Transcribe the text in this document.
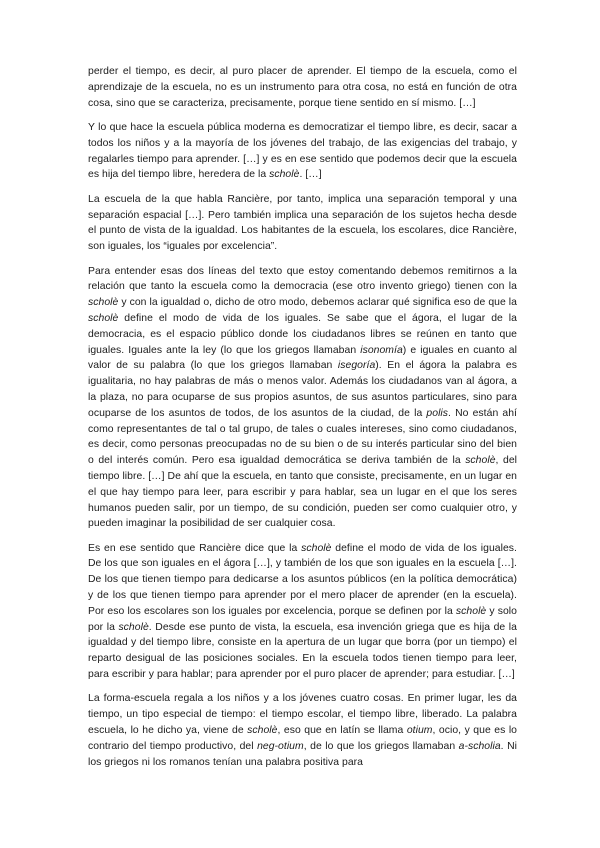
perder el tiempo, es decir, al puro placer de aprender. El tiempo de la escuela, como el aprendizaje de la escuela, no es un instrumento para otra cosa, no está en función de otra cosa, sino que se caracteriza, precisamente, porque tiene sentido en sí mismo. […]

Y lo que hace la escuela pública moderna es democratizar el tiempo libre, es decir, sacar a todos los niños y a la mayoría de los jóvenes del trabajo, de las exigencias del trabajo, y regalarles tiempo para aprender. […] y es en ese sentido que podemos decir que la escuela es hija del tiempo libre, heredera de la scholè. […]

La escuela de la que habla Rancière, por tanto, implica una separación temporal y una separación espacial […]. Pero también implica una separación de los sujetos hecha desde el punto de vista de la igualdad. Los habitantes de la escuela, los escolares, dice Rancière, son iguales, los “iguales por excelencia”.

Para entender esas dos líneas del texto que estoy comentando debemos remitirnos a la relación que tanto la escuela como la democracia (ese otro invento griego) tienen con la scholè y con la igualdad o, dicho de otro modo, debemos aclarar qué significa eso de que la scholè define el modo de vida de los iguales. Se sabe que el ágora, el lugar de la democracia, es el espacio público donde los ciudadanos libres se reúnen en tanto que iguales. Iguales ante la ley (lo que los griegos llamaban isonomía) e iguales en cuanto al valor de su palabra (lo que los griegos llamaban isegoría). En el ágora la palabra es igualitaria, no hay palabras de más o menos valor. Además los ciudadanos van al ágora, a la plaza, no para ocuparse de sus propios asuntos, de sus asuntos particulares, sino para ocuparse de los asuntos de todos, de los asuntos de la ciudad, de la polis. No están ahí como representantes de tal o tal grupo, de tales o cuales intereses, sino como ciudadanos, es decir, como personas preocupadas no de su bien o de su interés particular sino del bien o del interés común. Pero esa igualdad democrática se deriva también de la scholè, del tiempo libre. […] De ahí que la escuela, en tanto que consiste, precisamente, en un lugar en el que hay tiempo para leer, para escribir y para hablar, sea un lugar en el que los seres humanos pueden salir, por un tiempo, de su condición, pueden ser como cualquier otro, y pueden imaginar la posibilidad de ser cualquier cosa.

Es en ese sentido que Rancière dice que la scholè define el modo de vida de los iguales. De los que son iguales en el ágora […], y también de los que son iguales en la escuela […]. De los que tienen tiempo para dedicarse a los asuntos públicos (en la política democrática) y de los que tienen tiempo para aprender por el mero placer de aprender (en la escuela). Por eso los escolares son los iguales por excelencia, porque se definen por la scholè y solo por la scholè. Desde ese punto de vista, la escuela, esa invención griega que es hija de la igualdad y del tiempo libre, consiste en la apertura de un lugar que borra (por un tiempo) el reparto desigual de las posiciones sociales. En la escuela todos tienen tiempo para leer, para escribir y para hablar; para aprender por el puro placer de aprender; para estudiar. […]

La forma-escuela regala a los niños y a los jóvenes cuatro cosas. En primer lugar, les da tiempo, un tipo especial de tiempo: el tiempo escolar, el tiempo libre, liberado. La palabra escuela, lo he dicho ya, viene de scholè, eso que en latín se llama otium, ocio, y que es lo contrario del tiempo productivo, del neg-otium, de lo que los griegos llamaban a-scholia. Ni los griegos ni los romanos tenían una palabra positiva para
